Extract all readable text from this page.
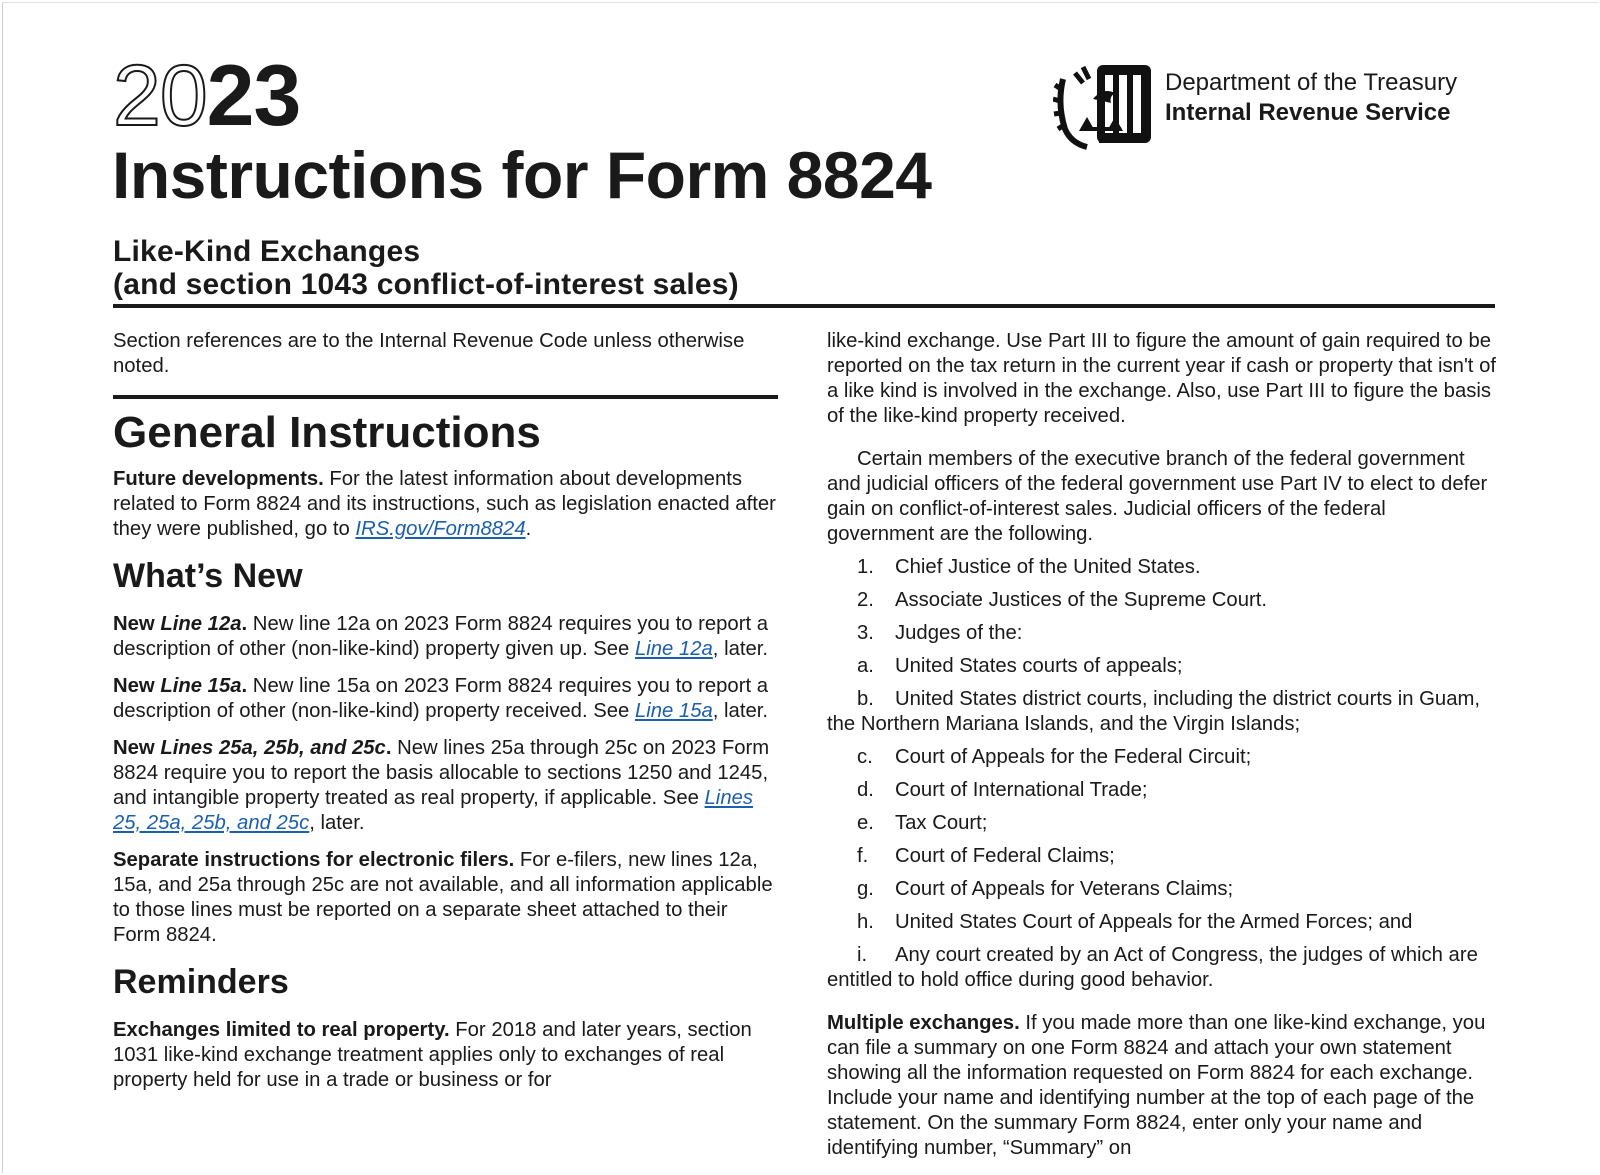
2023
Instructions for Form 8824
Like-Kind Exchanges
(and section 1043 conflict-of-interest sales)
Department of the Treasury
Internal Revenue Service

Section references are to the Internal Revenue Code unless otherwise noted.

General Instructions

Future developments. For the latest information about developments related to Form 8824 and its instructions, such as legislation enacted after they were published, go to IRS.gov/Form8824.

What’s New

New Line 12a. New line 12a on 2023 Form 8824 requires you to report a description of other (non-like-kind) property given up. See Line 12a, later.

New Line 15a. New line 15a on 2023 Form 8824 requires you to report a description of other (non-like-kind) property received. See Line 15a, later.

New Lines 25a, 25b, and 25c. New lines 25a through 25c on 2023 Form 8824 require you to report the basis allocable to sections 1250 and 1245, and intangible property treated as real property, if applicable. See Lines 25, 25a, 25b, and 25c, later.

Separate instructions for electronic filers. For e-filers, new lines 12a, 15a, and 25a through 25c are not available, and all information applicable to those lines must be reported on a separate sheet attached to their Form 8824.

Reminders

Exchanges limited to real property. For 2018 and later years, section 1031 like-kind exchange treatment applies only to exchanges of real property held for use in a trade or business or for

like-kind exchange. Use Part III to figure the amount of gain required to be reported on the tax return in the current year if cash or property that isn't of a like kind is involved in the exchange. Also, use Part III to figure the basis of the like-kind property received.

Certain members of the executive branch of the federal government and judicial officers of the federal government use Part IV to elect to defer gain on conflict-of-interest sales. Judicial officers of the federal government are the following.

1.	Chief Justice of the United States.
2.	Associate Justices of the Supreme Court.
3.	Judges of the:
a.	United States courts of appeals;
b.	United States district courts, including the district courts in Guam, the Northern Mariana Islands, and the Virgin Islands;
c.	Court of Appeals for the Federal Circuit;
d.	Court of International Trade;
e.	Tax Court;
f.	Court of Federal Claims;
g.	Court of Appeals for Veterans Claims;
h.	United States Court of Appeals for the Armed Forces; and
i.	Any court created by an Act of Congress, the judges of which are entitled to hold office during good behavior.

Multiple exchanges. If you made more than one like-kind exchange, you can file a summary on one Form 8824 and attach your own statement showing all the information requested on Form 8824 for each exchange. Include your name and identifying number at the top of each page of the statement. On the summary Form 8824, enter only your name and identifying number, “Summary” on
